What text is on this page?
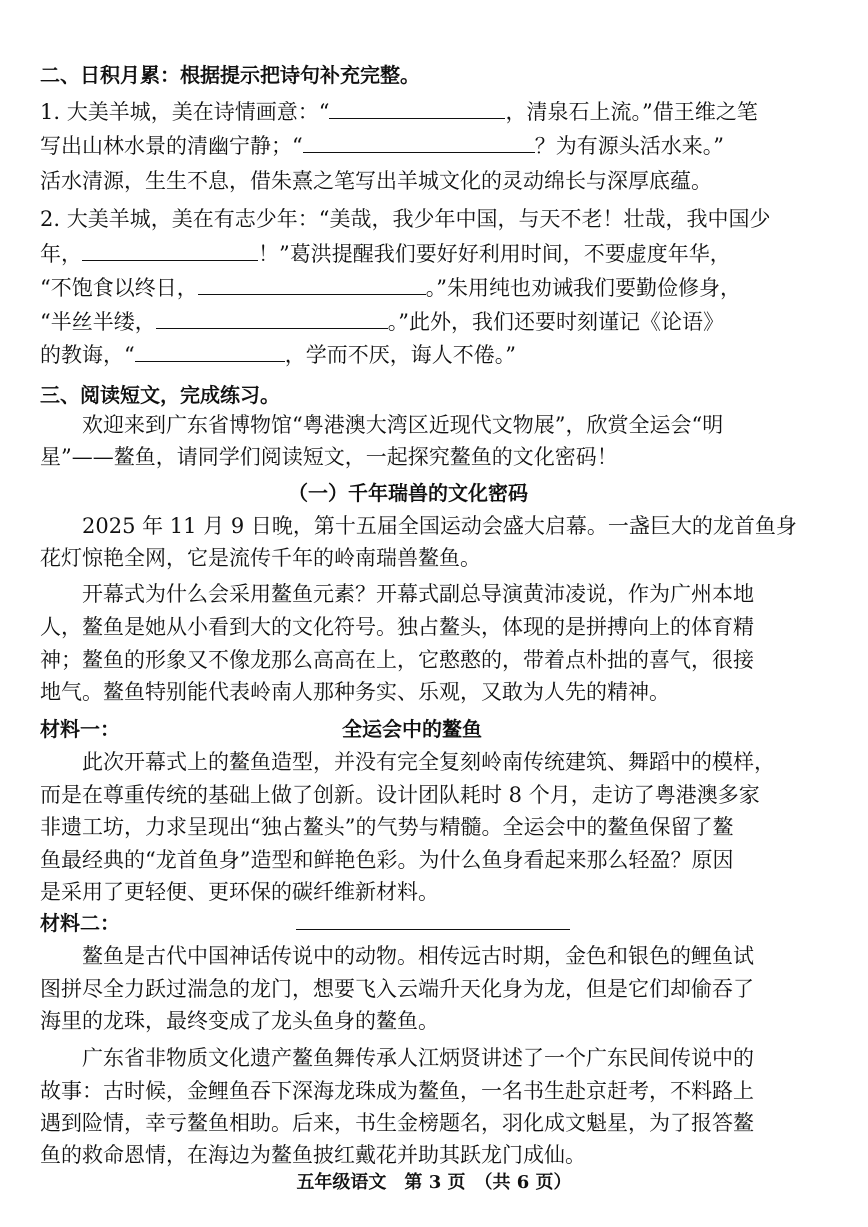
二、日积月累：根据提示把诗句补充完整。
1. 大美羊城，美在诗情画意：“	，清泉石上流。”借王维之笔
写出山林水景的清幽宁静；“	？为有源头活水来。”
活水清源，生生不息，借朱熹之笔写出羊城文化的灵动绵长与深厚底蕴。
2. 大美羊城，美在有志少年：“美哉，我少年中国，与天不老！壮哉，我中国少
年，	！”葛洪提醒我们要好好利用时间，不要虚度年华，
“不饱食以终日，	。”朱用纯也劝诫我们要勤俭修身，
“半丝半缕，	。”此外，我们还要时刻谨记《论语》
的教诲，“	，学而不厌，诲人不倦。”
三、阅读短文，完成练习。
欢迎来到广东省博物馆“粤港澳大湾区近现代文物展”，欣赏全运会“明
星”——鳌鱼，请同学们阅读短文，一起探究鳌鱼的文化密码！
（一）千年瑞兽的文化密码
2025 年 11 月 9 日晚，第十五届全国运动会盛大启幕。一盏巨大的龙首鱼身
花灯惊艳全网，它是流传千年的岭南瑞兽鳌鱼。
开幕式为什么会采用鳌鱼元素？开幕式副总导演黄沛凌说，作为广州本地
人，鳌鱼是她从小看到大的文化符号。独占鳌头，体现的是拼搏向上的体育精
神；鳌鱼的形象又不像龙那么高高在上，它憨憨的，带着点朴拙的喜气，很接
地气。鳌鱼特别能代表岭南人那种务实、乐观，又敢为人先的精神。
材料一：	全运会中的鳌鱼
此次开幕式上的鳌鱼造型，并没有完全复刻岭南传统建筑、舞蹈中的模样，
而是在尊重传统的基础上做了创新。设计团队耗时 8 个月，走访了粤港澳多家
非遗工坊，力求呈现出“独占鳌头”的气势与精髓。全运会中的鳌鱼保留了鳌
鱼最经典的“龙首鱼身”造型和鲜艳色彩。为什么鱼身看起来那么轻盈？原因
是采用了更轻便、更环保的碳纤维新材料。
材料二：
鳌鱼是古代中国神话传说中的动物。相传远古时期，金色和银色的鲤鱼试
图拼尽全力跃过湍急的龙门，想要飞入云端升天化身为龙，但是它们却偷吞了
海里的龙珠，最终变成了龙头鱼身的鳌鱼。
广东省非物质文化遗产鳌鱼舞传承人江炳贤讲述了一个广东民间传说中的
故事：古时候，金鲤鱼吞下深海龙珠成为鳌鱼，一名书生赴京赶考，不料路上
遇到险情，幸亏鳌鱼相助。后来，书生金榜题名，羽化成文魁星，为了报答鳌
鱼的救命恩情，在海边为鳌鱼披红戴花并助其跃龙门成仙。
五年级语文　第 3 页　（共 6 页）
